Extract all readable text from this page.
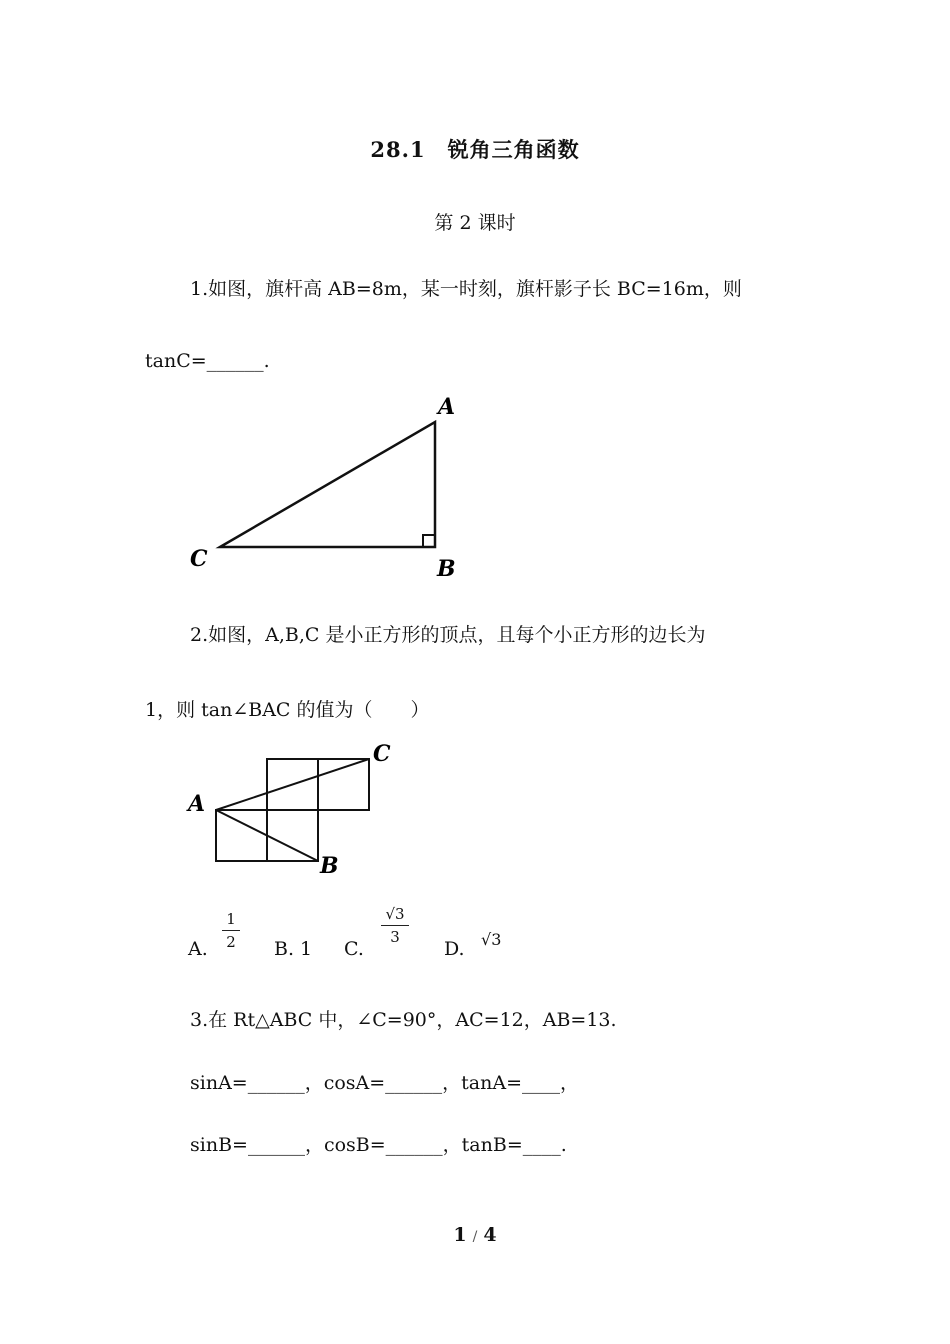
28.1　锐角三角函数
第 2 课时
1.如图，旗杆高 AB=8m，某一时刻，旗杆影子长 BC=16m，则
tanC=______.
A
B
C
2.如图，A,B,C 是小正方形的顶点，且每个小正方形的边长为
1，则 tan∠BAC 的值为（　　）
A
B
C
A.
1
2 B. 1 C.
√3
3
D. √3
3.在 Rt△ABC 中，∠C=90°，AC=12，AB=13.
sinA=______，cosA=______，tanA=____，
sinB=______，cosB=______，tanB=____.
1 / 4
